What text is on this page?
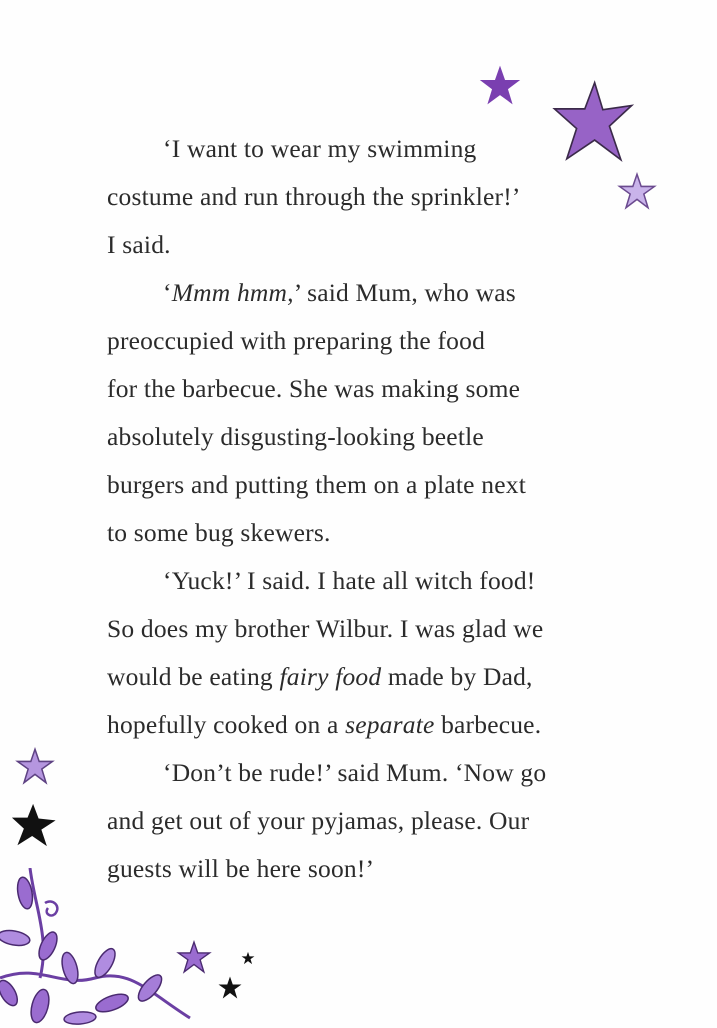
‘I want to wear my swimming
costume and run through the sprinkler!’
I said.
‘Mmm hmm,’ said Mum, who was
preoccupied with preparing the food
for the barbecue. She was making some
absolutely disgusting-looking beetle
burgers and putting them on a plate next
to some bug skewers.
‘Yuck!’ I said. I hate all witch food!
So does my brother Wilbur. I was glad we
would be eating fairy food made by Dad,
hopefully cooked on a separate barbecue.
‘Don’t be rude!’ said Mum. ‘Now go
and get out of your pyjamas, please. Our
guests will be here soon!’
